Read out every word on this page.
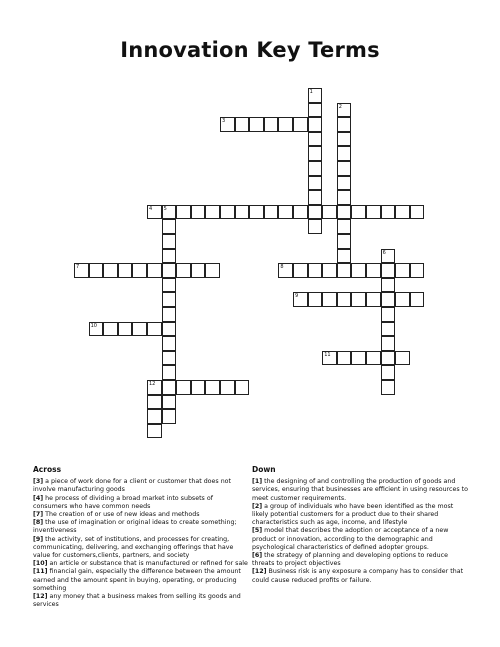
Innovation Key Terms
1
2
3
4 5
6
7	8
9
10
11
12
Across
[3] a piece of work done for a client or customer that does not involve manufacturing goods
[4] he process of dividing a broad market into subsets of consumers who have common needs
[7] The creation of or use of new ideas and methods
[8] the use of imagination or original ideas to create something; inventiveness
[9] the activity, set of institutions, and processes for creating, communicating, delivering, and exchanging offerings that have value for customers,clients, partners, and society
[10] an article or substance that is manufactured or refined for sale
[11] financial gain, especially the difference between the amount earned and the amount spent in buying, operating, or producing something
[12] any money that a business makes from selling its goods and services
Down
[1] the designing of and controlling the production of goods and services, ensuring that businesses are efficient in using resources to meet customer requirements.
[2] a group of individuals who have been identified as the most likely potential customers for a product due to their shared characteristics such as age, income, and lifestyle
[5] model that describes the adoption or acceptance of a new product or innovation, according to the demographic and psychological characteristics of defined adopter groups.
[6] the strategy of planning and developing options to reduce threats to project objectives
[12] Business risk is any exposure a company has to consider that could cause reduced profits or failure.
